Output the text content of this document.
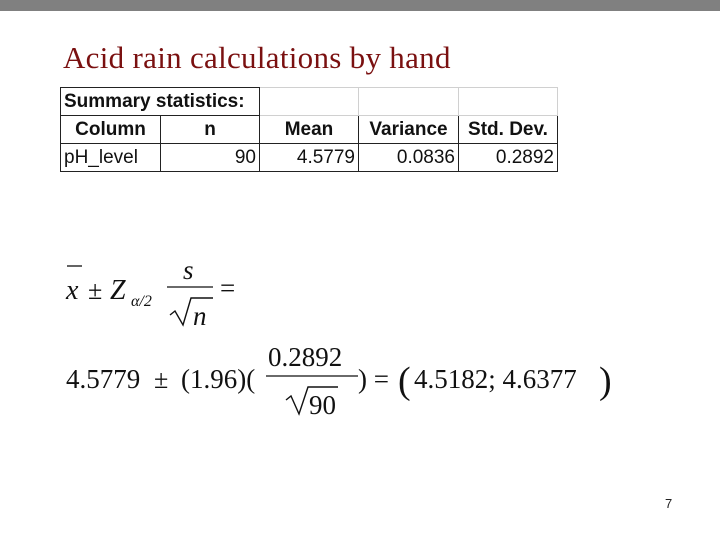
Acid rain calculations by hand
Summary statistics:				
Column	n	Mean	Variance	Std. Dev.
pH_level	90	4.5779	0.0836	0.2892
x ± Z α/2
s
n
=
4.5779 ± (1.96)(
0.2892
90
) = ( 4.5182; 4.6377 )
7
